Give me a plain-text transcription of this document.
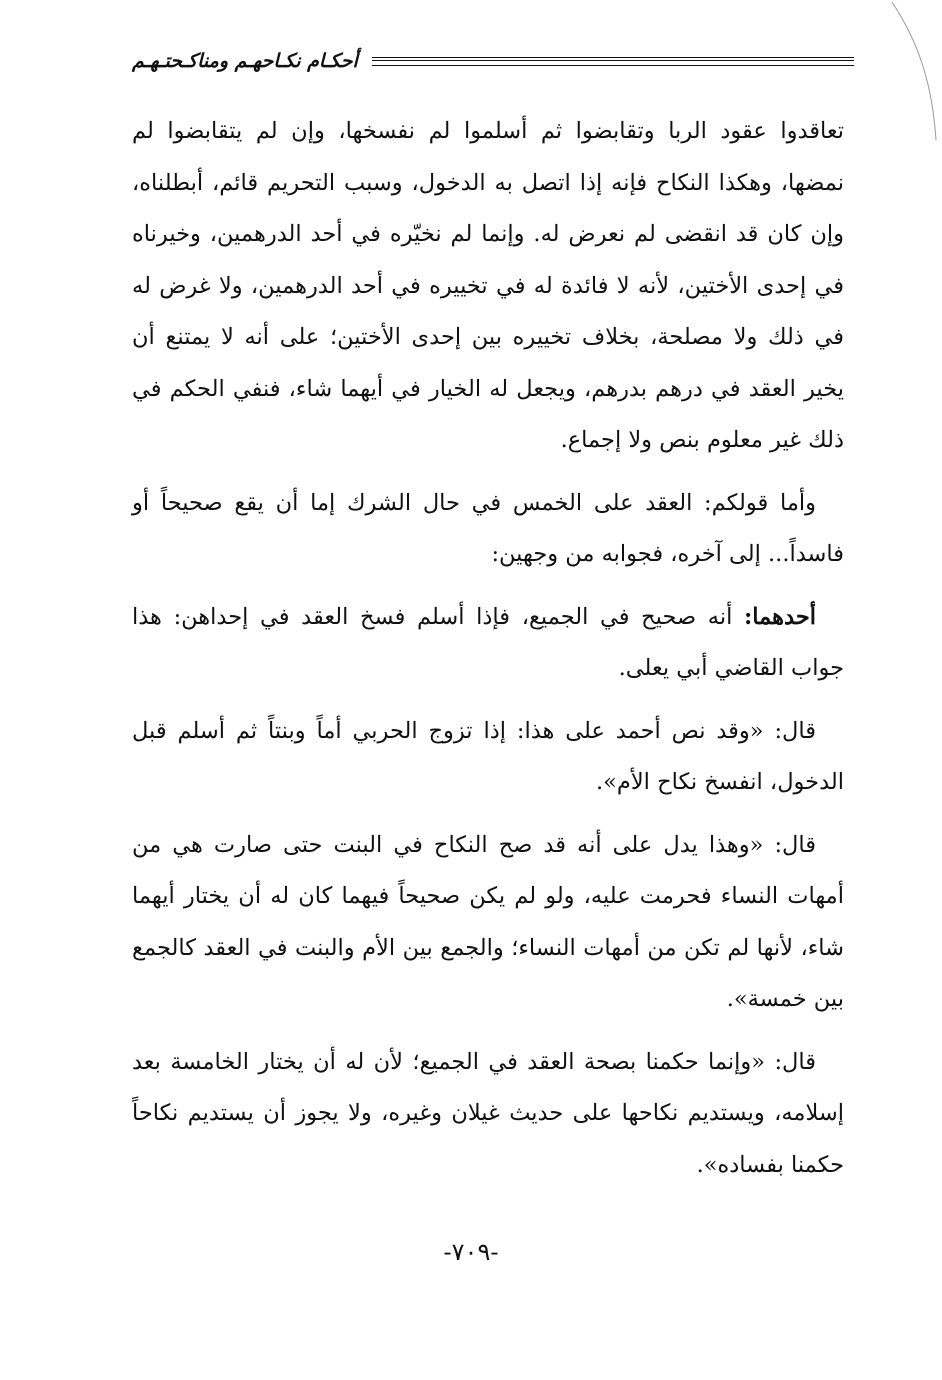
أحكـام نكـاحهـم ومناكـحتـهـم

تعاقدوا عقود الربا وتقابضوا ثم أسلموا لم نفسخها، وإن لم يتقابضوا لم نمضها، وهكذا النكاح فإنه إذا اتصل به الدخول، وسبب التحريم قائم، أبطلناه، وإن كان قد انقضى لم نعرض له. وإنما لم نخيّره في أحد الدرهمين، وخيرناه في إحدى الأختين، لأنه لا فائدة له في تخييره في أحد الدرهمين، ولا غرض له في ذلك ولا مصلحة، بخلاف تخييره بين إحدى الأختين؛ على أنه لا يمتنع أن يخير العقد في درهم بدرهم، ويجعل له الخيار في أيهما شاء، فنفي الحكم في ذلك غير معلوم بنص ولا إجماع.

وأما قولكم: العقد على الخمس في حال الشرك إما أن يقع صحيحاً أو فاسداً... إلى آخره، فجوابه من وجهين:

أحدهما: أنه صحيح في الجميع، فإذا أسلم فسخ العقد في إحداهن: هذا جواب القاضي أبي يعلى.

قال: «وقد نص أحمد على هذا: إذا تزوج الحربي أماً وبنتاً ثم أسلم قبل الدخول، انفسخ نكاح الأم».

قال: «وهذا يدل على أنه قد صح النكاح في البنت حتى صارت هي من أمهات النساء فحرمت عليه، ولو لم يكن صحيحاً فيهما كان له أن يختار أيهما شاء، لأنها لم تكن من أمهات النساء؛ والجمع بين الأم والبنت في العقد كالجمع بين خمسة».

قال: «وإنما حكمنا بصحة العقد في الجميع؛ لأن له أن يختار الخامسة بعد إسلامه، ويستديم نكاحها على حديث غيلان وغيره، ولا يجوز أن يستديم نكاحاً حكمنا بفساده».

-٧٠٩-
